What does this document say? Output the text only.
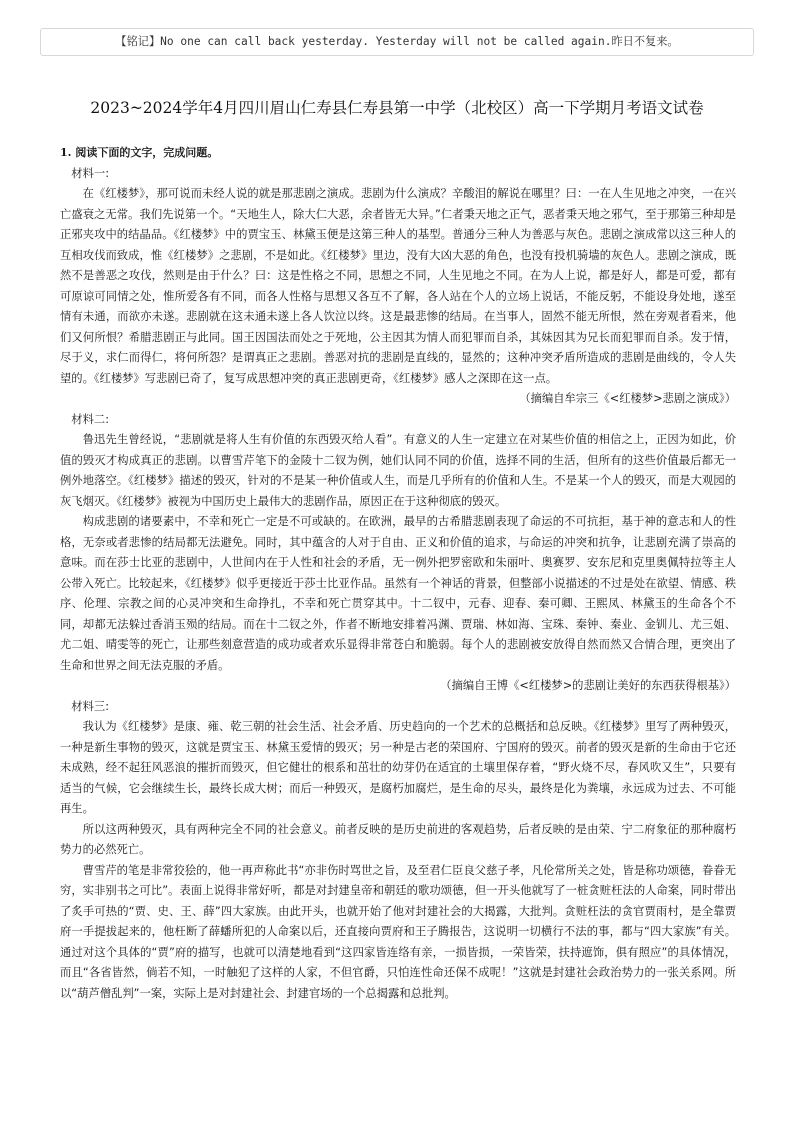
【铭记】No one can call back yesterday. Yesterday will not be called again.昨日不复来。
2023~2024学年4月四川眉山仁寿县仁寿县第一中学（北校区）高一下学期月考语文试卷

1. 阅读下面的文字，完成问题。

材料一:

在《红楼梦》，那可说而未经人说的就是那悲剧之演成。悲剧为什么演成？辛酸泪的解说在哪里？曰：一在人生见地之冲突，一在兴亡盛衰之无常。我们先说第一个。“天地生人，除大仁大恶，余者皆无大异。”仁者秉天地之正气，恶者秉天地之邪气，至于那第三种却是正邪夹攻中的结晶品。《红楼梦》中的贾宝玉、林黛玉便是这第三种人的基型。普通分三种人为善恶与灰色。悲剧之演成常以这三种人的互相攻伐而致成，惟《红楼梦》之悲剧，不是如此。《红楼梦》里边，没有大凶大恶的角色，也没有投机骑墙的灰色人。悲剧之演成，既然不是善恶之攻伐，然则是由于什么？曰：这是性格之不同，思想之不同，人生见地之不同。在为人上说，都是好人，都是可爱，都有可原谅可同情之处，惟所爱各有不同，而各人性格与思想又各互不了解，各人站在个人的立场上说话，不能反躬，不能设身处地，遂至情有未通，而欲亦未遂。悲剧就在这未通未遂上各人饮泣以终。这是最悲惨的结局。在当事人，固然不能无所恨，然在旁观者看来，他们又何所恨？希腊悲剧正与此同。国王因国法而处之于死地，公主因其为情人而犯罪而自杀，其妹因其为兄长而犯罪而自杀。发于情，尽于义，求仁而得仁，将何所怨？是谓真正之悲剧。善恶对抗的悲剧是直线的，显然的；这种冲突矛盾所造成的悲剧是曲线的，令人失望的。《红楼梦》写悲剧已奇了，复写成思想冲突的真正悲剧更奇，《红楼梦》感人之深即在这一点。

（摘编自牟宗三《<红楼梦>悲剧之演成》）

材料二:

鲁迅先生曾经说，“悲剧就是将人生有价值的东西毁灭给人看”。有意义的人生一定建立在对某些价值的相信之上，正因为如此，价值的毁灭才构成真正的悲剧。以曹雪芹笔下的金陵十二钗为例，她们认同不同的价值，选择不同的生活，但所有的这些价值最后都无一例外地落空。《红楼梦》描述的毁灭，针对的不是某一种价值或人生，而是几乎所有的价值和人生。不是某一个人的毁灭，而是大观园的灰飞烟灭。《红楼梦》被视为中国历史上最伟大的悲剧作品，原因正在于这种彻底的毁灭。

构成悲剧的诸要素中，不幸和死亡一定是不可或缺的。在欧洲，最早的古希腊悲剧表现了命运的不可抗拒，基于神的意志和人的性格，无奈或者悲惨的结局都无法避免。同时，其中蕴含的人对于自由、正义和价值的追求，与命运的冲突和抗争，让悲剧充满了崇高的意味。而在莎士比亚的悲剧中，人世间内在于人性和社会的矛盾，无一例外把罗密欧和朱丽叶、奥赛罗、安东尼和克里奥佩特拉等主人公带入死亡。比较起来，《红楼梦》似乎更接近于莎士比亚作品。虽然有一个神话的背景，但整部小说描述的不过是处在欲望、情感、秩序、伦理、宗教之间的心灵冲突和生命挣扎，不幸和死亡贯穿其中。十二钗中，元春、迎春、秦可卿、王熙凤、林黛玉的生命各个不同，却都无法躲过香消玉殒的结局。而在十二钗之外，作者不断地安排着冯渊、贾瑞、林如海、宝珠、秦钟、秦业、金钏儿、尤三姐、尤二姐、晴雯等的死亡，让那些刻意营造的成功或者欢乐显得非常苍白和脆弱。每个人的悲剧被安放得自然而然又合情合理，更突出了生命和世界之间无法克服的矛盾。

（摘编自王博《<红楼梦>的悲剧让美好的东西获得根基》）

材料三:

我认为《红楼梦》是康、雍、乾三朝的社会生活、社会矛盾、历史趋向的一个艺术的总概括和总反映。《红楼梦》里写了两种毁灭，一种是新生事物的毁灭，这就是贾宝玉、林黛玉爱情的毁灭；另一种是古老的荣国府、宁国府的毁灭。前者的毁灭是新的生命由于它还未成熟，经不起狂风恶浪的摧折而毁灭，但它健壮的根系和茁壮的幼芽仍在适宜的土壤里保存着，“野火烧不尽，春风吹又生”，只要有适当的气候，它会继续生长，最终长成大树；而后一种毁灭，是腐朽加腐烂，是生命的尽头，最终是化为粪壤，永远成为过去、不可能再生。

所以这两种毁灭，具有两种完全不同的社会意义。前者反映的是历史前进的客观趋势，后者反映的是由荣、宁二府象征的那种腐朽势力的必然死亡。

曹雪芹的笔是非常狡狯的，他一再声称此书“亦非伤时骂世之旨，及至君仁臣良父慈子孝，凡伦常所关之处，皆是称功颂德，眷眷无穷，实非别书之可比”。表面上说得非常好听，都是对封建皇帝和朝廷的歌功颂德，但一开头他就写了一桩贪赃枉法的人命案，同时带出了炙手可热的“贾、史、王、薛”四大家族。由此开头，也就开始了他对封建社会的大揭露，大批判。贪赃枉法的贪官贾雨村，是全靠贾府一手提拔起来的，他枉断了薛蟠所犯的人命案以后，还直接向贾府和王子腾报告，这说明一切横行不法的事，都与“四大家族”有关。通过对这个具体的“贾”府的描写，也就可以清楚地看到“这四家皆连络有亲，一损皆损，一荣皆荣，扶持遮饰，俱有照应”的具体情况，而且“各省皆然，倘若不知，一时触犯了这样的人家，不但官爵，只怕连性命还保不成呢！”这就是封建社会政治势力的一张关系网。所以“葫芦僧乱判”一案，实际上是对封建社会、封建官场的一个总揭露和总批判。
